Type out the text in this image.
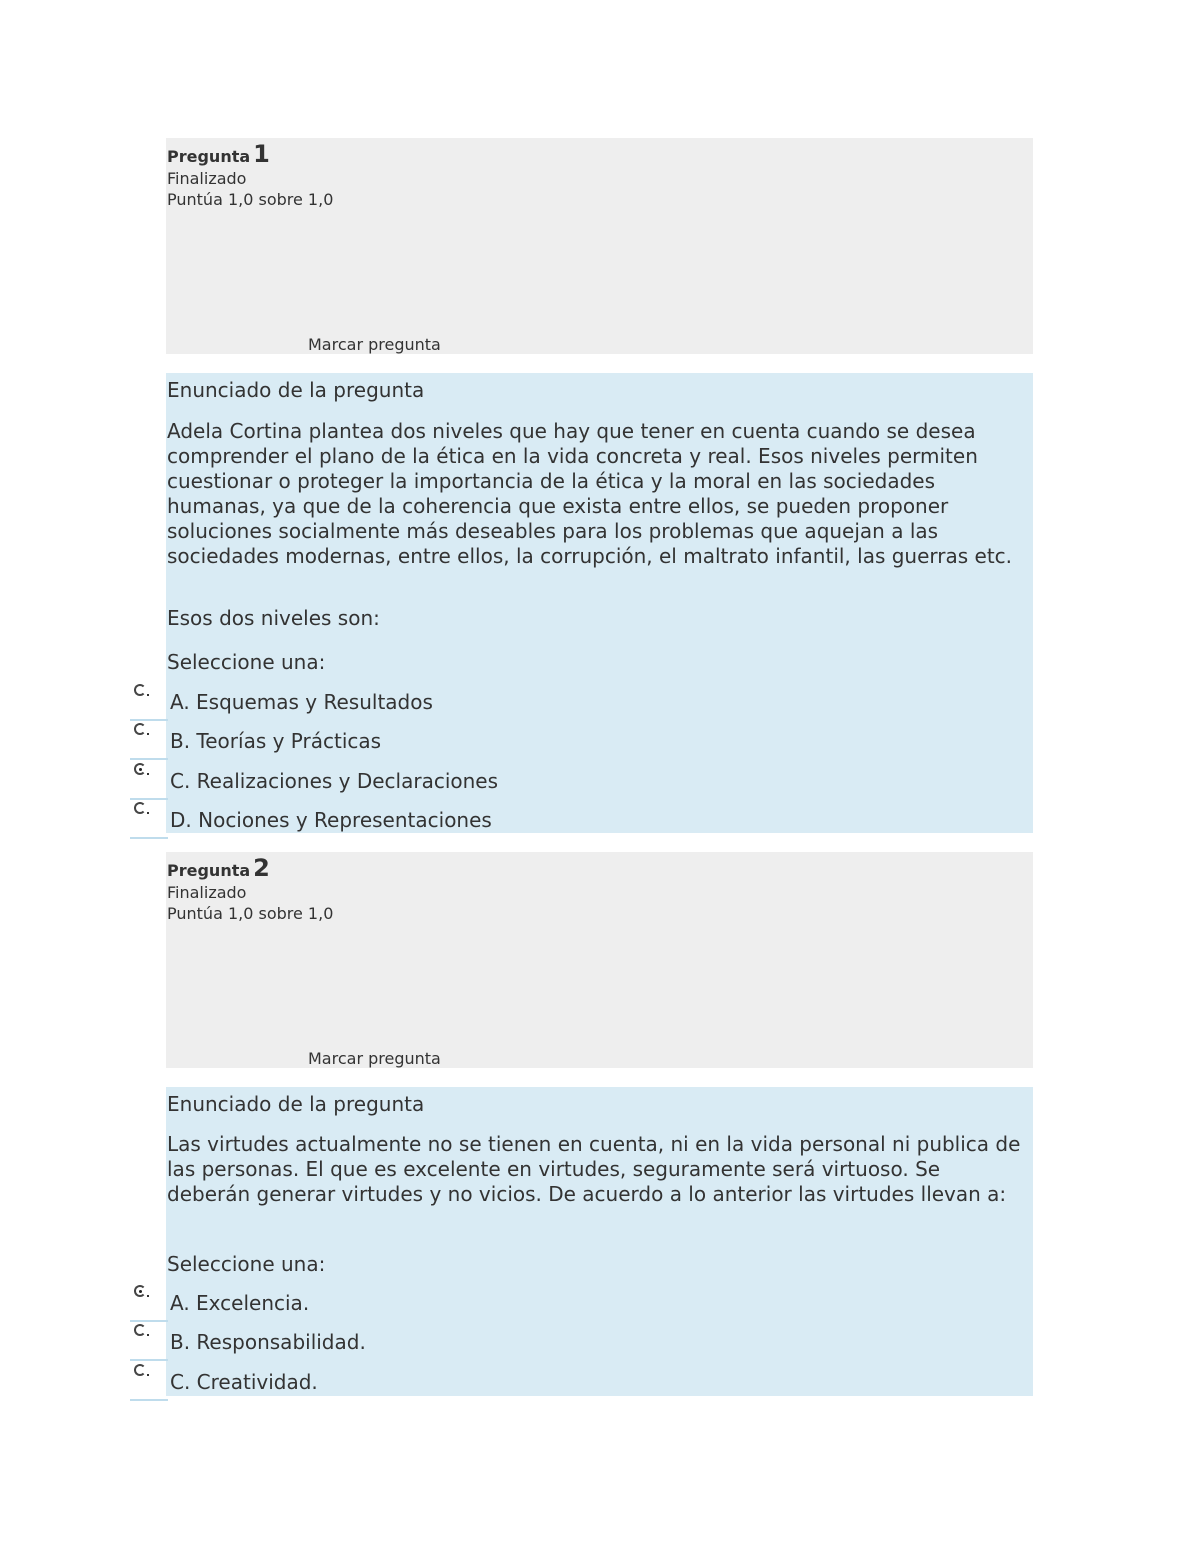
Pregunta 1
Finalizado
Puntúa 1,0 sobre 1,0
Marcar pregunta
Enunciado de la pregunta
Adela Cortina plantea dos niveles que hay que tener en cuenta cuando se desea comprender el plano de la ética en la vida concreta y real. Esos niveles permiten cuestionar o proteger la importancia de la ética y la moral en las sociedades humanas, ya que de la coherencia que exista entre ellos, se pueden proponer soluciones socialmente más deseables para los problemas que aquejan a las sociedades modernas, entre ellos, la corrupción, el maltrato infantil, las guerras etc.
Esos dos niveles son:
Seleccione una:
A. Esquemas y Resultados
B. Teorías y Prácticas
C. Realizaciones y Declaraciones
D. Nociones y Representaciones
Pregunta 2
Finalizado
Puntúa 1,0 sobre 1,0
Marcar pregunta
Enunciado de la pregunta
Las virtudes actualmente no se tienen en cuenta, ni en la vida personal ni publica de las personas. El que es excelente en virtudes, seguramente será virtuoso. Se deberán generar virtudes y no vicios. De acuerdo a lo anterior las virtudes llevan a:
Seleccione una:
A. Excelencia.
B. Responsabilidad.
C. Creatividad.
